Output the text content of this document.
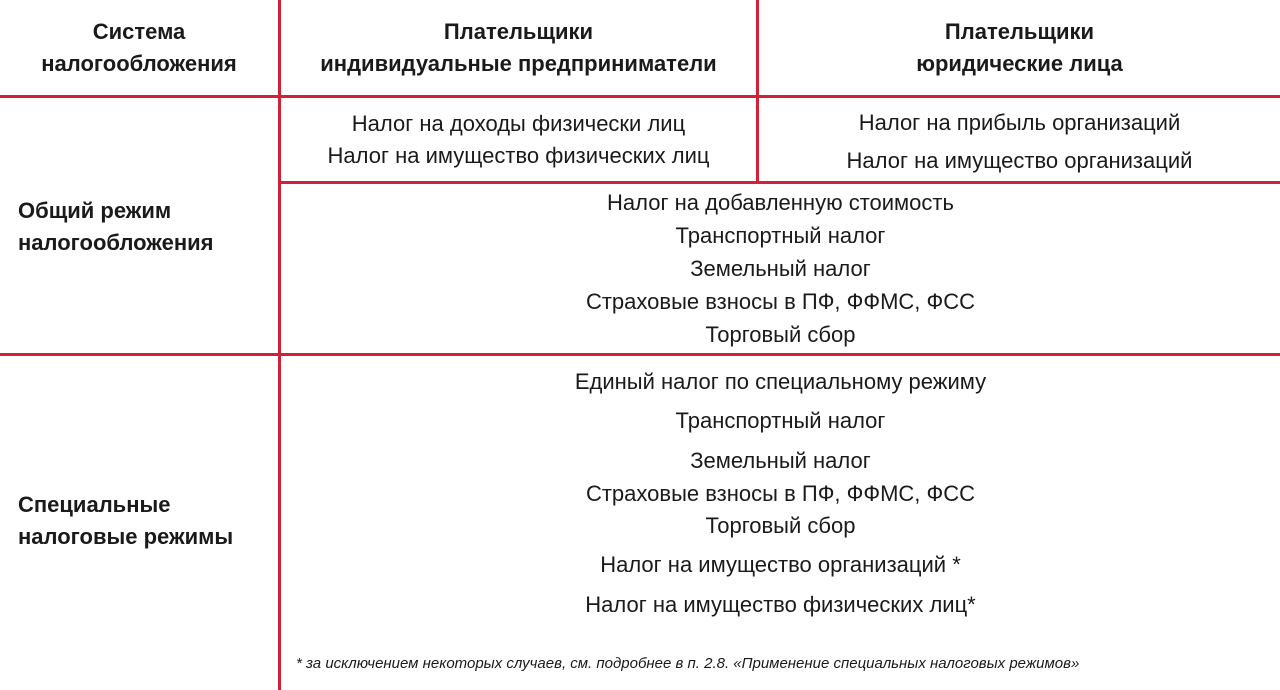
Система
налогообложения
Плательщики
индивидуальные предприниматели
Плательщики
юридические лица
Общий режим
налогообложения
Налог на доходы физически лиц
Налог на имущество физических лиц
Налог на прибыль организаций
Налог на имущество организаций
Налог на добавленную стоимость
Транспортный налог
Земельный налог
Страховые взносы в ПФ, ФФМС, ФСС
Торговый сбор
Специальные
налоговые режимы
Единый налог по специальному режиму
Транспортный налог
Земельный налог
Страховые взносы в ПФ, ФФМС, ФСС
Торговый сбор
Налог на имущество организаций *
Налог на имущество физических лиц*
* за исключением некоторых случаев, см. подробнее в п. 2.8. «Применение специальных налоговых режимов»
